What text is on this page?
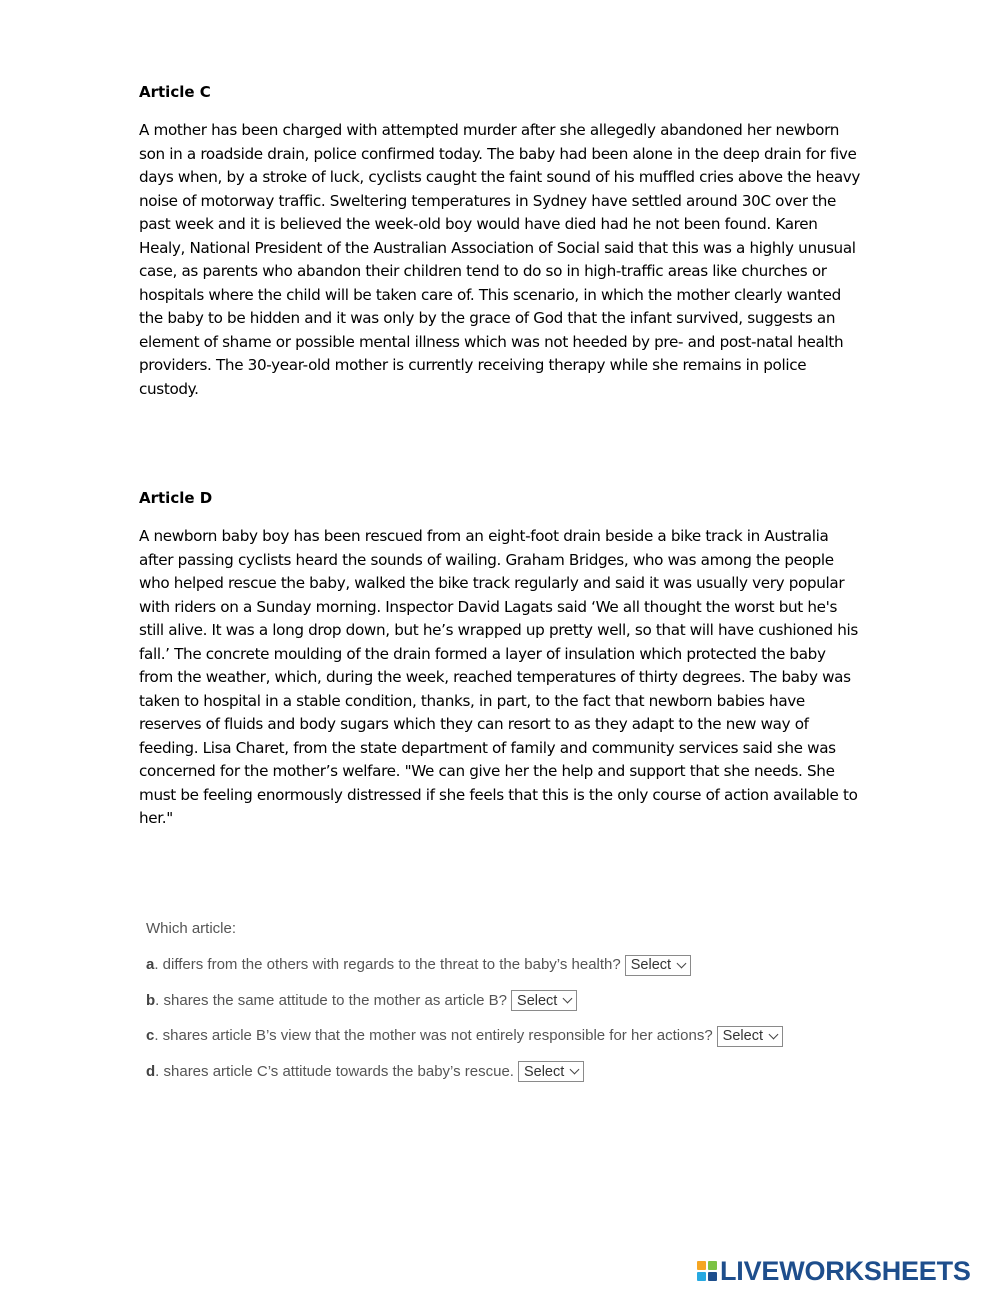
Article C

A mother has been charged with attempted murder after she allegedly abandoned her newborn son in a roadside drain, police confirmed today. The baby had been alone in the deep drain for five days when, by a stroke of luck, cyclists caught the faint sound of his muffled cries above the heavy noise of motorway traffic. Sweltering temperatures in Sydney have settled around 30C over the past week and it is believed the week-old boy would have died had he not been found. Karen Healy, National President of the Australian Association of Social said that this was a highly unusual case, as parents who abandon their children tend to do so in high-traffic areas like churches or hospitals where the child will be taken care of. This scenario, in which the mother clearly wanted the baby to be hidden and it was only by the grace of God that the infant survived, suggests an element of shame or possible mental illness which was not heeded by pre- and post-natal health providers. The 30-year-old mother is currently receiving therapy while she remains in police custody.

Article D

A newborn baby boy has been rescued from an eight-foot drain beside a bike track in Australia after passing cyclists heard the sounds of wailing. Graham Bridges, who was among the people who helped rescue the baby, walked the bike track regularly and said it was usually very popular with riders on a Sunday morning. Inspector David Lagats said ‘We all thought the worst but he's still alive. It was a long drop down, but he’s wrapped up pretty well, so that will have cushioned his fall.’ The concrete moulding of the drain formed a layer of insulation which protected the baby from the weather, which, during the week, reached temperatures of thirty degrees. The baby was taken to hospital in a stable condition, thanks, in part, to the fact that newborn babies have reserves of fluids and body sugars which they can resort to as they adapt to the new way of feeding. Lisa Charet, from the state department of family and community services said she was concerned for the mother’s welfare. "We can give her the help and support that she needs. She must be feeling enormously distressed if she feels that this is the only course of action available to her."

Which article:
a . differs from the others with regards to the threat to the baby’s health? Select
b . shares the same attitude to the mother as article B? Select
c . shares article B’s view that the mother was not entirely responsible for her actions? Select
d . shares article C’s attitude towards the baby’s rescue. Select
LIVEWORKSHEETS
